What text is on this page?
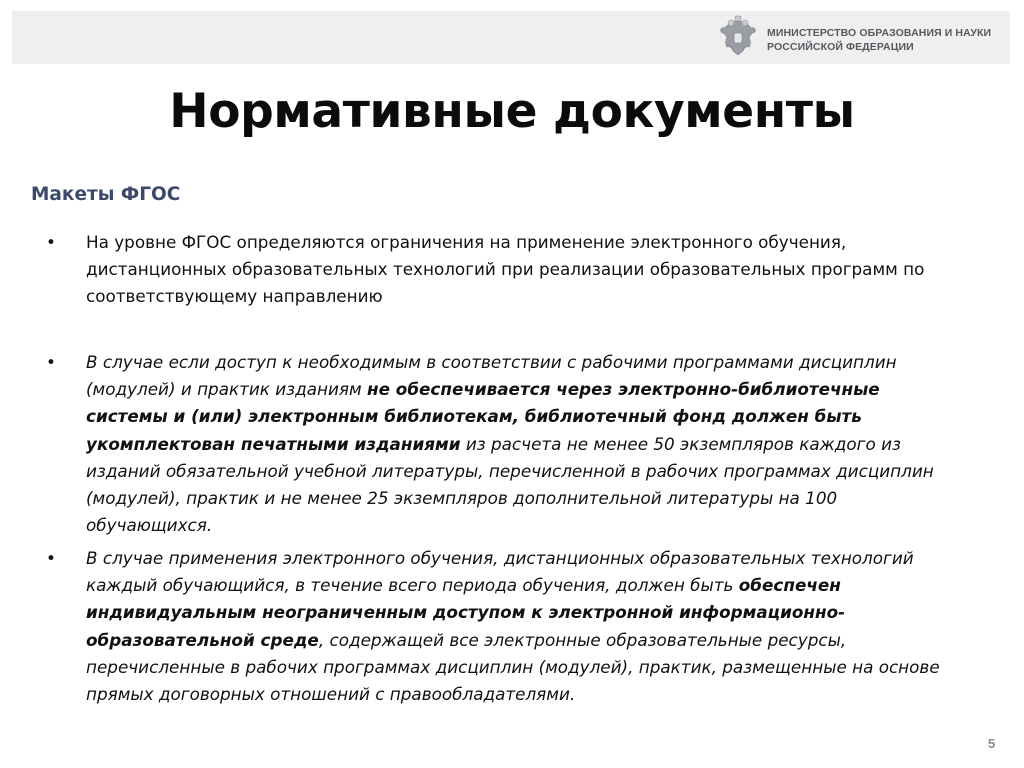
МИНИСТЕРСТВО ОБРАЗОВАНИЯ И НАУКИ
РОССИЙСКОЙ ФЕДЕРАЦИИ
Нормативные документы
Макеты ФГОС
• На уровне ФГОС определяются ограничения на применение электронного обучения, дистанционных образовательных технологий при реализации образовательных программ по соответствующему направлению
• В случае если доступ к необходимым в соответствии с рабочими программами дисциплин (модулей) и практик изданиям не обеспечивается через электронно-библиотечные системы и (или) электронным библиотекам, библиотечный фонд должен быть укомплектован печатными изданиями из расчета не менее 50 экземпляров каждого из изданий обязательной учебной литературы, перечисленной в рабочих программах дисциплин (модулей), практик и не менее 25 экземпляров дополнительной литературы на 100 обучающихся.
• В случае применения электронного обучения, дистанционных образовательных технологий каждый обучающийся, в течение всего периода обучения, должен быть обеспечен индивидуальным неограниченным доступом к электронной информационно-образовательной среде, содержащей все электронные образовательные ресурсы, перечисленные в рабочих программах дисциплин (модулей), практик, размещенные на основе прямых договорных отношений с правообладателями.
5
